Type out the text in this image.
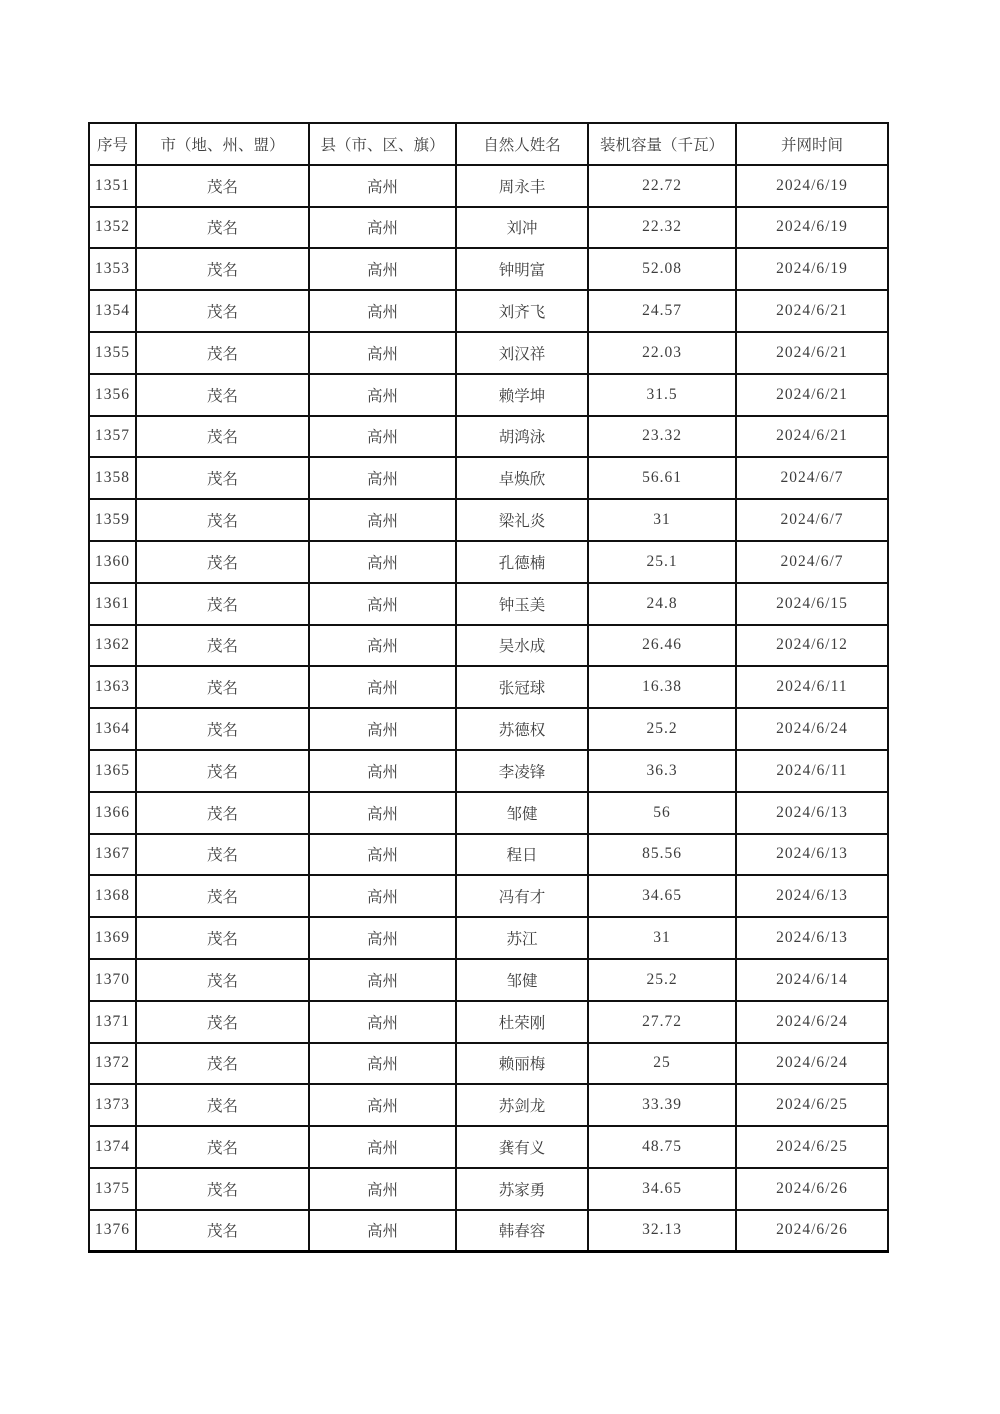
序号	市（地、州、盟）	县（市、区、旗）	自然人姓名	装机容量（千瓦）	并网时间
1351	茂名	高州	周永丰	22.72	2024/6/19
1352	茂名	高州	刘冲	22.32	2024/6/19
1353	茂名	高州	钟明富	52.08	2024/6/19
1354	茂名	高州	刘齐飞	24.57	2024/6/21
1355	茂名	高州	刘汉祥	22.03	2024/6/21
1356	茂名	高州	赖学坤	31.5	2024/6/21
1357	茂名	高州	胡鸿泳	23.32	2024/6/21
1358	茂名	高州	卓焕欣	56.61	2024/6/7
1359	茂名	高州	梁礼炎	31	2024/6/7
1360	茂名	高州	孔德楠	25.1	2024/6/7
1361	茂名	高州	钟玉美	24.8	2024/6/15
1362	茂名	高州	吴水成	26.46	2024/6/12
1363	茂名	高州	张冠球	16.38	2024/6/11
1364	茂名	高州	苏德权	25.2	2024/6/24
1365	茂名	高州	李凌锋	36.3	2024/6/11
1366	茂名	高州	邹健	56	2024/6/13
1367	茂名	高州	程日	85.56	2024/6/13
1368	茂名	高州	冯有才	34.65	2024/6/13
1369	茂名	高州	苏江	31	2024/6/13
1370	茂名	高州	邹健	25.2	2024/6/14
1371	茂名	高州	杜荣刚	27.72	2024/6/24
1372	茂名	高州	赖丽梅	25	2024/6/24
1373	茂名	高州	苏剑龙	33.39	2024/6/25
1374	茂名	高州	龚有义	48.75	2024/6/25
1375	茂名	高州	苏家勇	34.65	2024/6/26
1376	茂名	高州	韩春容	32.13	2024/6/26
